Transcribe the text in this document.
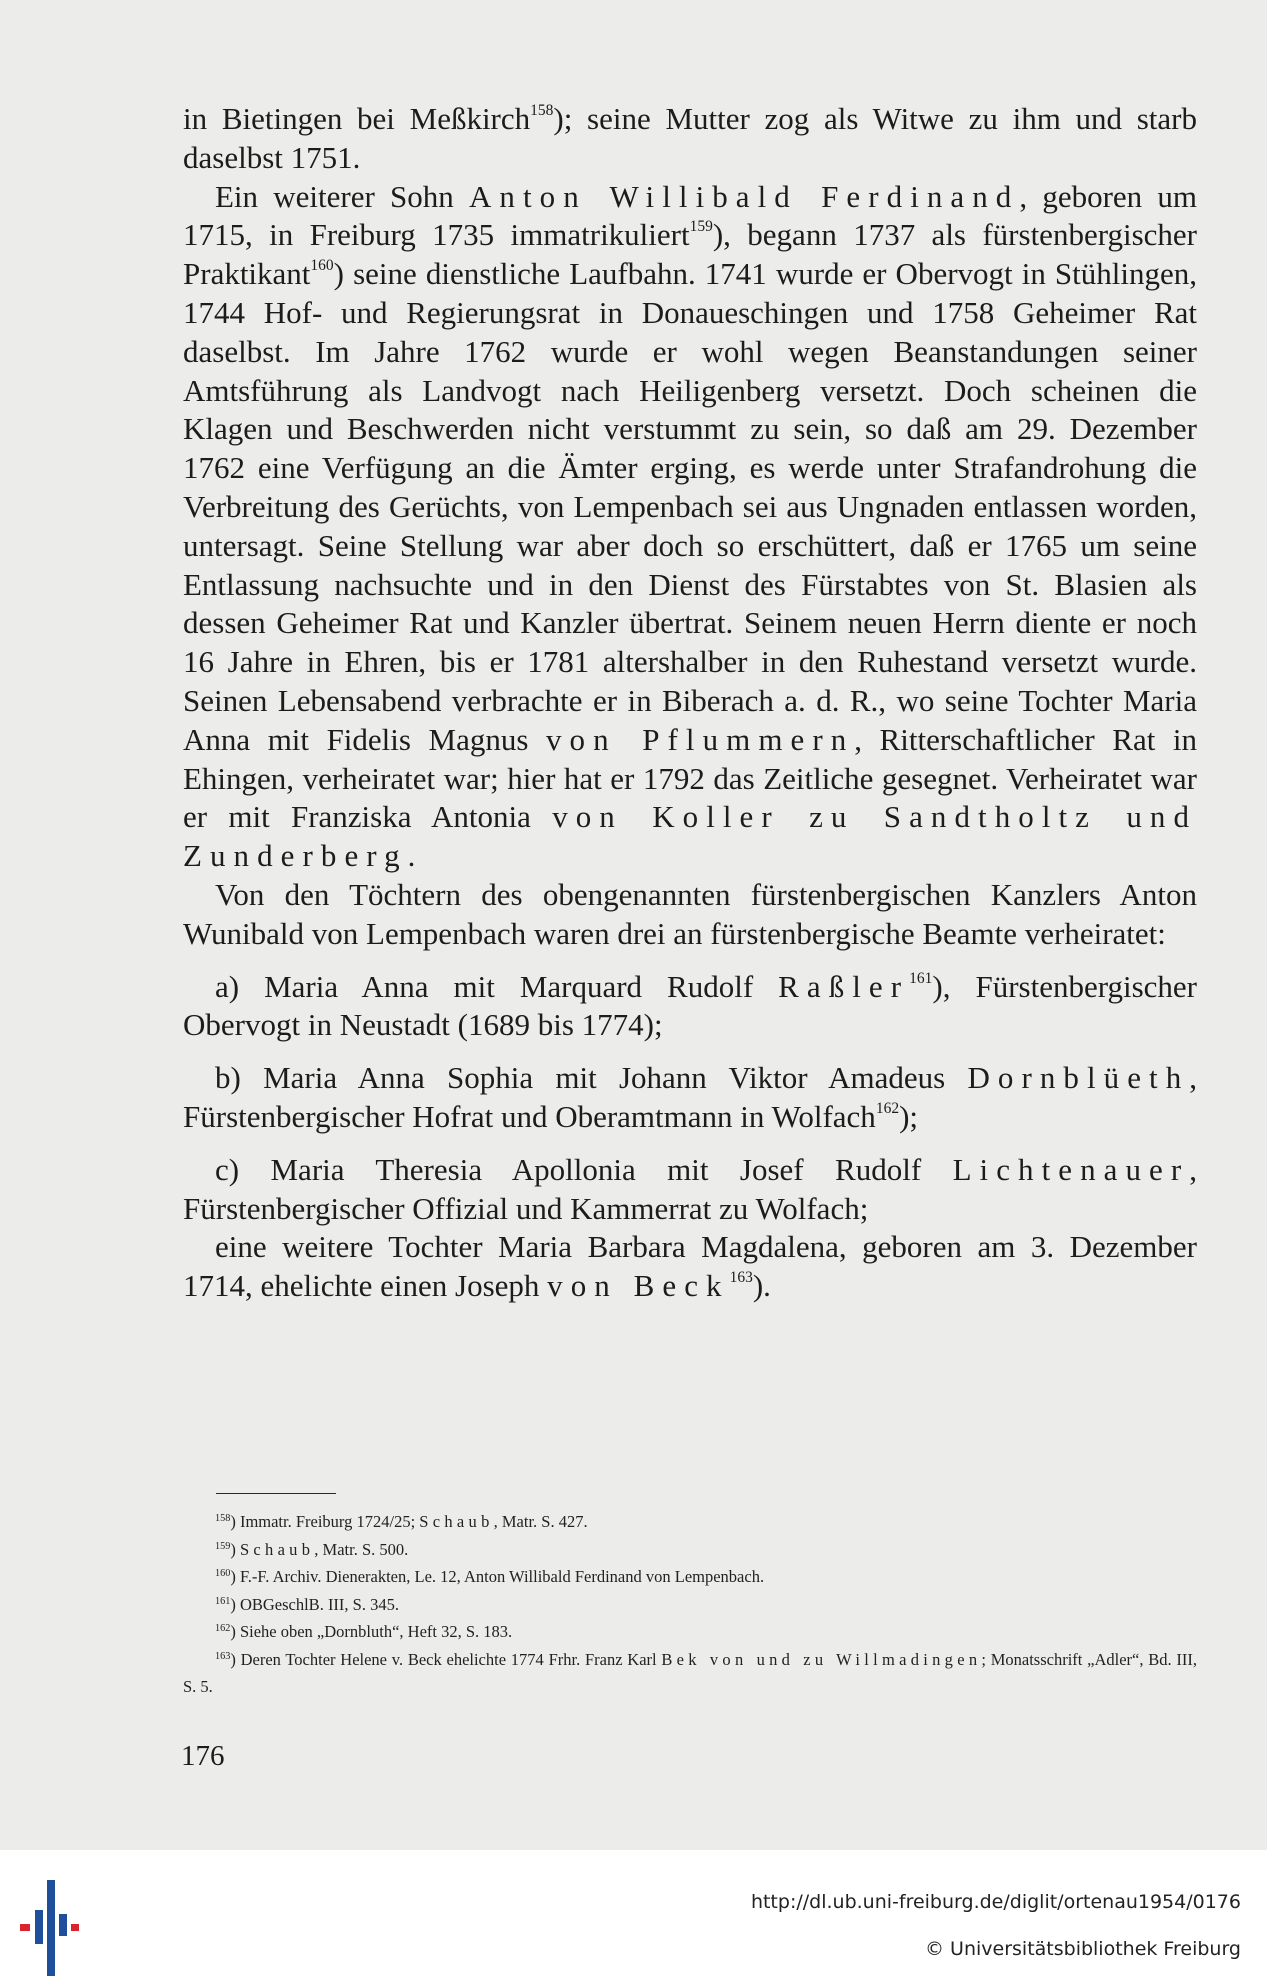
in Bietingen bei Meßkirch$^{158}$); seine Mutter zog als Witwe zu ihm und starb daselbst 1751.

Ein weiterer Sohn Anton Willibald Ferdinand, geboren um 1715, in Freiburg 1735 immatrikuliert$^{159}$), begann 1737 als fürstenbergischer Praktikant$^{160}$) seine dienstliche Laufbahn. 1741 wurde er Obervogt in Stühlingen, 1744 Hof- und Regierungsrat in Donaueschingen und 1758 Geheimer Rat daselbst. Im Jahre 1762 wurde er wohl wegen Beanstandungen seiner Amtsführung als Landvogt nach Heiligenberg versetzt. Doch scheinen die Klagen und Beschwerden nicht verstummt zu sein, so daß am 29. Dezember 1762 eine Verfügung an die Ämter erging, es werde unter Strafandrohung die Verbreitung des Gerüchts, von Lempenbach sei aus Ungnaden entlassen worden, untersagt. Seine Stellung war aber doch so erschüttert, daß er 1765 um seine Entlassung nachsuchte und in den Dienst des Fürstabtes von St. Blasien als dessen Geheimer Rat und Kanzler übertrat. Seinem neuen Herrn diente er noch 16 Jahre in Ehren, bis er 1781 altershalber in den Ruhestand versetzt wurde. Seinen Lebensabend verbrachte er in Biberach a. d. R., wo seine Tochter Maria Anna mit Fidelis Magnus von Pflummern, Ritterschaftlicher Rat in Ehingen, verheiratet war; hier hat er 1792 das Zeitliche gesegnet. Verheiratet war er mit Franziska Antonia von Koller zu Sandtholtz und Zunderberg.

Von den Töchtern des obengenannten fürstenbergischen Kanzlers Anton Wunibald von Lempenbach waren drei an fürstenbergische Beamte verheiratet:

a) Maria Anna mit Marquard Rudolf Raßler$^{161}$), Fürstenbergischer Obervogt in Neustadt (1689 bis 1774);

b) Maria Anna Sophia mit Johann Viktor Amadeus Dornblüeth, Fürstenbergischer Hofrat und Oberamtmann in Wolfach$^{162}$);

c) Maria Theresia Apollonia mit Josef Rudolf Lichtenauer, Fürstenbergischer Offizial und Kammerrat zu Wolfach;

eine weitere Tochter Maria Barbara Magdalena, geboren am 3. Dezember 1714, ehelichte einen Joseph von Beck$^{163}$).

$^{158}$) Immatr. Freiburg 1724/25; Schaub, Matr. S. 427.

$^{159}$) Schaub, Matr. S. 500.

$^{160}$) F.-F. Archiv. Dienerakten, Le. 12, Anton Willibald Ferdinand von Lempenbach.

$^{161}$) OBGeschlB. III, S. 345.

$^{162}$) Siehe oben „Dornbluth“, Heft 32, S. 183.

$^{163}$) Deren Tochter Helene v. Beck ehelichte 1774 Frhr. Franz Karl Bek von und zu Willmadingen; Monatsschrift „Adler“, Bd. III, S. 5.

176
http://dl.ub.uni-freiburg.de/diglit/ortenau1954/0176
© Universitätsbibliothek Freiburg
